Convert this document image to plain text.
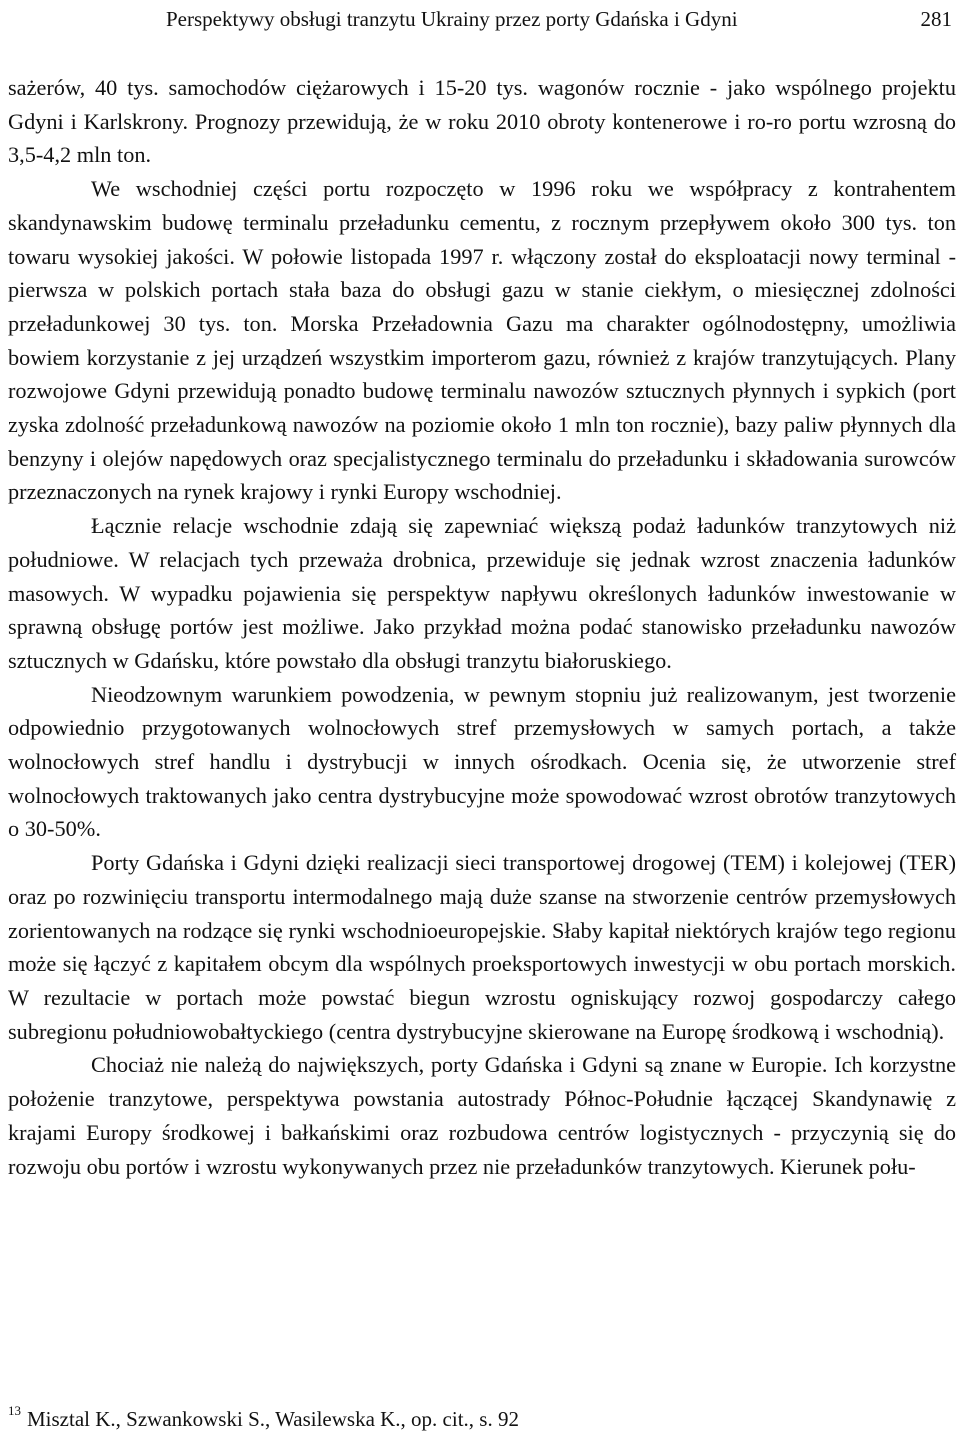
Perspektywy obsługi tranzytu Ukrainy przez porty Gdańska i Gdyni	281

sażerów, 40 tys. samochodów ciężarowych i 15-20 tys. wagonów rocznie - jako wspólnego projektu Gdyni i Karlskrony. Prognozy przewidują, że w roku 2010 obroty kontenerowe i ro-ro portu wzrosną do 3,5-4,2 mln ton.

We wschodniej części portu rozpoczęto w 1996 roku we współpracy z kontrahentem skandynawskim budowę terminalu przeładunku cementu, z rocznym przepływem około 300 tys. ton towaru wysokiej jakości. W połowie listopada 1997 r. włączony został do eksploatacji nowy terminal - pierwsza w polskich portach stała baza do obsługi gazu w stanie ciekłym, o miesięcznej zdolności przeładunkowej 30 tys. ton. Morska Przeładownia Gazu ma charakter ogólnodostępny, umożliwia bowiem korzystanie z jej urządzeń wszystkim importerom gazu, również z krajów tranzytujących. Plany rozwojowe Gdyni przewidują ponadto budowę terminalu nawozów sztucznych płynnych i sypkich (port zyska zdolność przeładunkową nawozów na poziomie około 1 mln ton rocznie), bazy paliw płynnych dla benzyny i olejów napędowych oraz specjalistycznego terminalu do przeładunku i składowania surowców przeznaczonych na rynek krajowy i rynki Europy wschodniej.

Łącznie relacje wschodnie zdają się zapewniać większą podaż ładunków tranzytowych niż południowe. W relacjach tych przeważa drobnica, przewiduje się jednak wzrost znaczenia ładunków masowych. W wypadku pojawienia się perspektyw napływu określonych ładunków inwestowanie w sprawną obsługę portów jest możliwe. Jako przykład można podać stanowisko przeładunku nawozów sztucznych w Gdańsku, które powstało dla obsługi tranzytu białoruskiego.

Nieodzownym warunkiem powodzenia, w pewnym stopniu już realizowanym, jest tworzenie odpowiednio przygotowanych wolnocłowych stref przemysłowych w samych portach, a także wolnocłowych stref handlu i dystrybucji w innych ośrodkach. Ocenia się, że utworzenie stref wolnocłowych traktowanych jako centra dystrybucyjne może spowodować wzrost obrotów tranzytowych o 30-50%.

Porty Gdańska i Gdyni dzięki realizacji sieci transportowej drogowej (TEM) i kolejowej (TER) oraz po rozwinięciu transportu intermodalnego mają duże szanse na stworzenie centrów przemysłowych zorientowanych na rodzące się rynki wschodnioeuropejskie. Słaby kapitał niektórych krajów tego regionu może się łączyć z kapitałem obcym dla wspólnych proeksportowych inwestycji w obu portach morskich. W rezultacie w portach może powstać biegun wzrostu ogniskujący rozwoj gospodarczy całego subregionu południowobałtyckiego (centra dystrybucyjne skierowane na Europę środkową i wschodnią).

Chociaż nie należą do największych, porty Gdańska i Gdyni są znane w Europie. Ich korzystne położenie tranzytowe, perspektywa powstania autostrady Północ-Południe łączącej Skandynawię z krajami Europy środkowej i bałkańskimi oraz rozbudowa centrów logistycznych - przyczynią się do rozwoju obu portów i wzrostu wykonywanych przez nie przeładunków tranzytowych. Kierunek połu-

$^{13}$ Misztal K., Szwankowski S., Wasilewska K., op. cit., s. 92
